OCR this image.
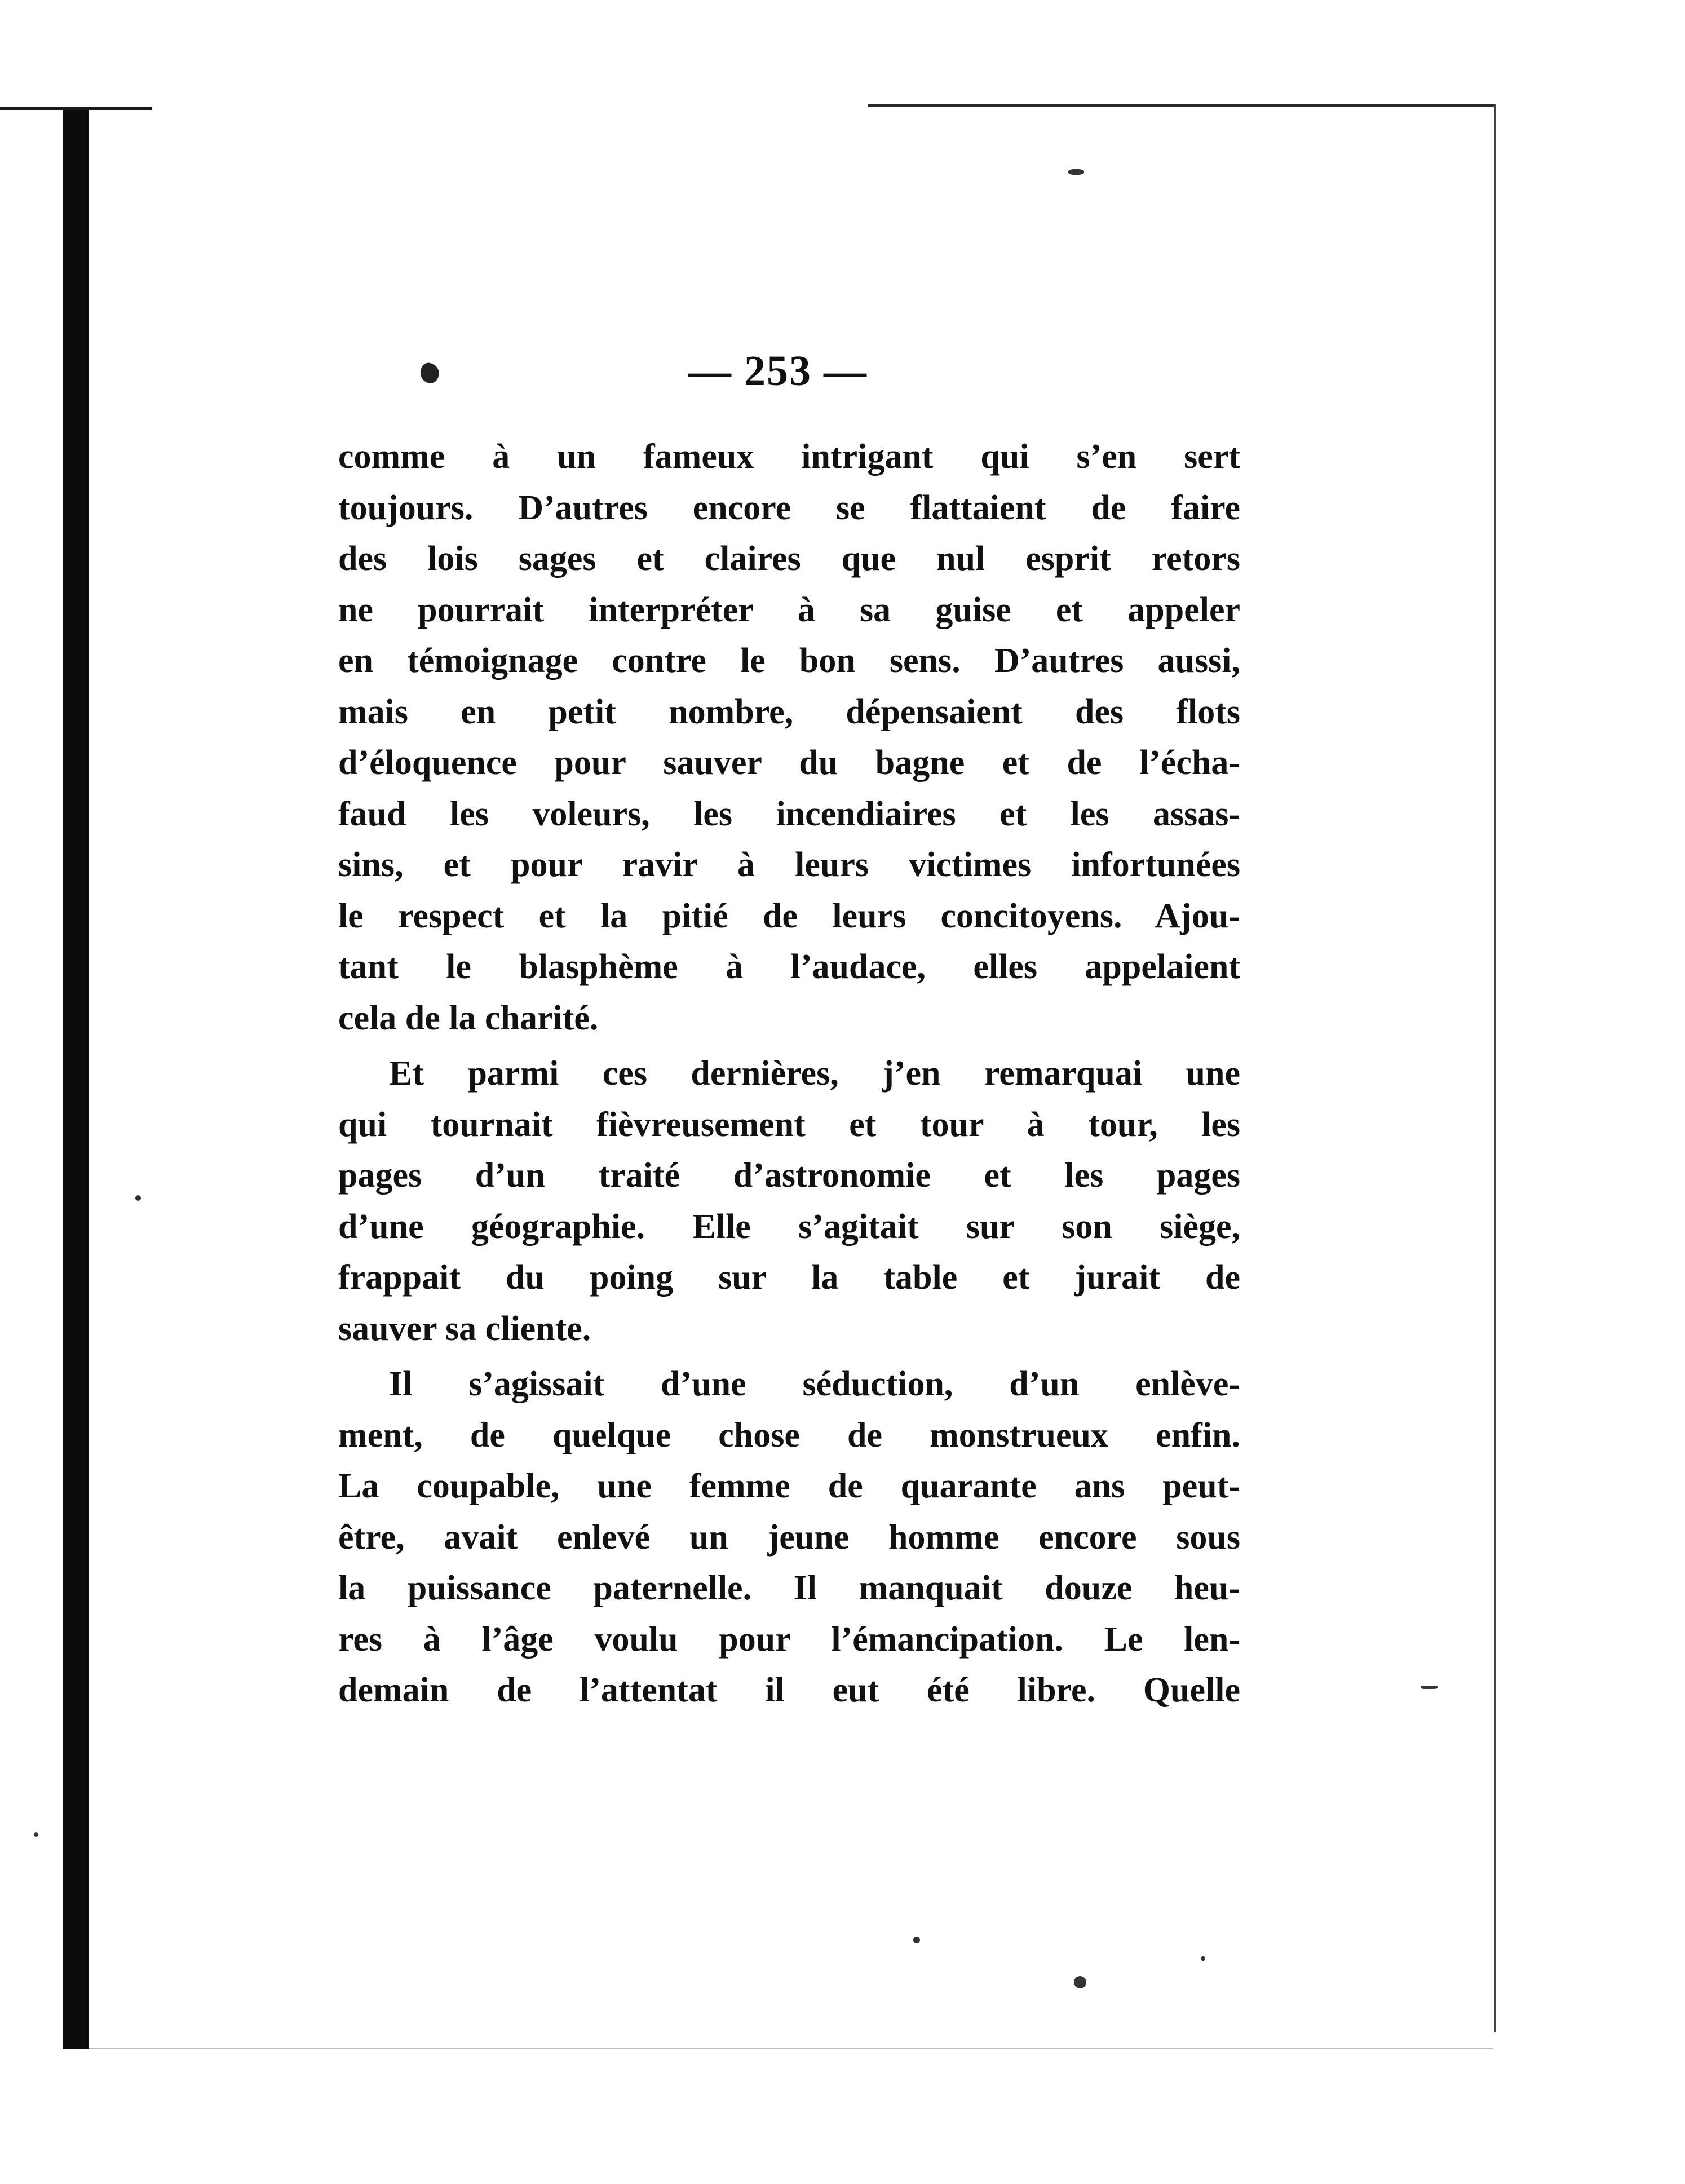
— 253 —
comme à un fameux intrigant qui s’en sert
toujours. D’autres encore se flattaient de faire
des lois sages et claires que nul esprit retors
ne pourrait interpréter à sa guise et appeler
en témoignage contre le bon sens. D’autres aussi,
mais en petit nombre, dépensaient des flots
d’éloquence pour sauver du bagne et de l’écha-
faud les voleurs, les incendiaires et les assas-
sins, et pour ravir à leurs victimes infortunées
le respect et la pitié de leurs concitoyens. Ajou-
tant le blasphème à l’audace, elles appelaient
cela de la charité.
Et parmi ces dernières, j’en remarquai une
qui tournait fièvreusement et tour à tour, les
pages d’un traité d’astronomie et les pages
d’une géographie. Elle s’agitait sur son siège,
frappait du poing sur la table et jurait de
sauver sa cliente.
Il s’agissait d’une séduction, d’un enlève-
ment, de quelque chose de monstrueux enfin.
La coupable, une femme de quarante ans peut-
être, avait enlevé un jeune homme encore sous
la puissance paternelle. Il manquait douze heu-
res à l’âge voulu pour l’émancipation. Le len-
demain de l’attentat il eut été libre. Quelle
